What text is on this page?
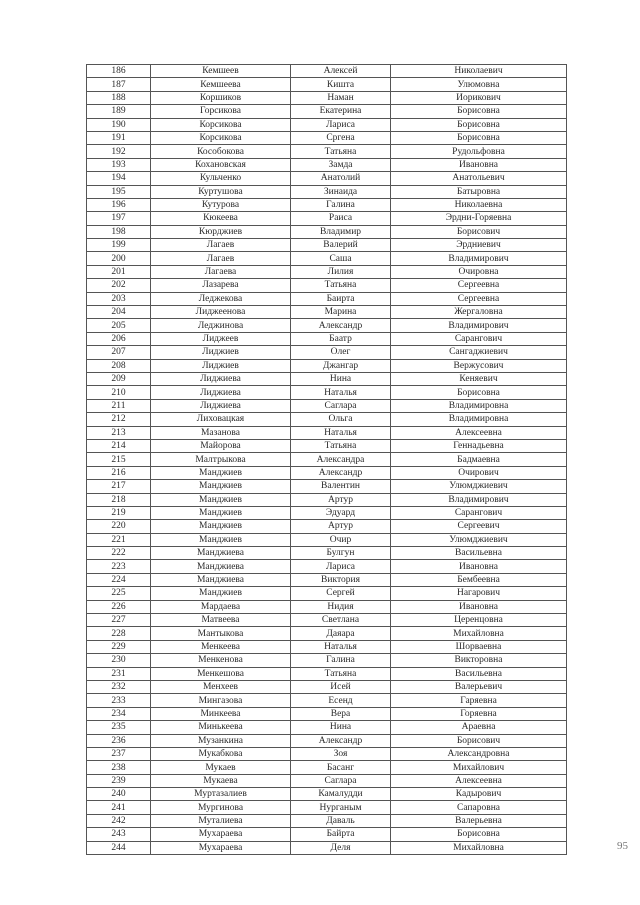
186	Кемшеев	Алексей	Николаевич
187	Кемшеева	Кишта	Улюмовна
188	Коршиков	Наман	Иорикович
189	Горсикова	Екатерина	Борисовна
190	Корсикова	Лариса	Борисовна
191	Корсикова	Сргена	Борисовна
192	Кособокова	Татьяна	Рудольфовна
193	Кохановская	Замда	Ивановна
194	Кульченко	Анатолий	Анатольевич
195	Куртушова	Зинаида	Батыровна
196	Кутурова	Галина	Николаевна
197	Кюкеева	Раиса	Эрдни-Горяевна
198	Кюрджиев	Владимир	Борисович
199	Лагаев	Валерий	Эрдниевич
200	Лагаев	Саша	Владимирович
201	Лагаева	Лилия	Очировна
202	Лазарева	Татьяна	Сергеевна
203	Леджекова	Баирта	Сергеевна
204	Лиджеенова	Марина	Жергаловна
205	Леджинова	Александр	Владимирович
206	Лиджеев	Баатр	Сарангович
207	Лиджиев	Олег	Сангаджиевич
208	Лиджиев	Джангар	Вержусович
209	Лиджиева	Нина	Кеняевич
210	Лиджиева	Наталья	Борисовна
211	Лиджиева	Саглара	Владимировна
212	Лиховацкая	Ольга	Владимировна
213	Мазанова	Наталья	Алексеевна
214	Майорова	Татьяна	Геннадьевна
215	Малтрыкова	Александра	Бадмаевна
216	Манджиев	Александр	Очирович
217	Манджиев	Валентин	Улюмджиевич
218	Манджиев	Артур	Владимирович
219	Манджиев	Эдуард	Сарангович
220	Манджиев	Артур	Сергеевич
221	Манджиев	Очир	Улюмджиевич
222	Манджиева	Булгун	Васильевна
223	Манджиева	Лариса	Ивановна
224	Манджиева	Виктория	Бембеевна
225	Манджиев	Сергей	Нагарович
226	Мардаева	Нидия	Ивановна
227	Матвеева	Светлана	Церенцовна
228	Мантыкова	Даяара	Михайловна
229	Менкеева	Наталья	Шорваевна
230	Менкенова	Галина	Викторовна
231	Менкешова	Татьяна	Васильевна
232	Менхеев	Исей	Валерьевич
233	Мингазова	Есенд	Гаряевна
234	Минкеева	Вера	Горяевна
235	Минькеева	Нина	Араевна
236	Музанкина	Александр	Борисович
237	Мукабкова	Зоя	Александровна
238	Мукаев	Басанг	Михайлович
239	Мукаева	Саглара	Алексеевна
240	Муртазалиев	Камалудди	Кадырович
241	Мургинова	Нурганым	Сапаровна
242	Муталиева	Даваль	Валерьевна
243	Мухараева	Байрта	Борисовна
244	Мухараева	Деля	Михайловна	95
